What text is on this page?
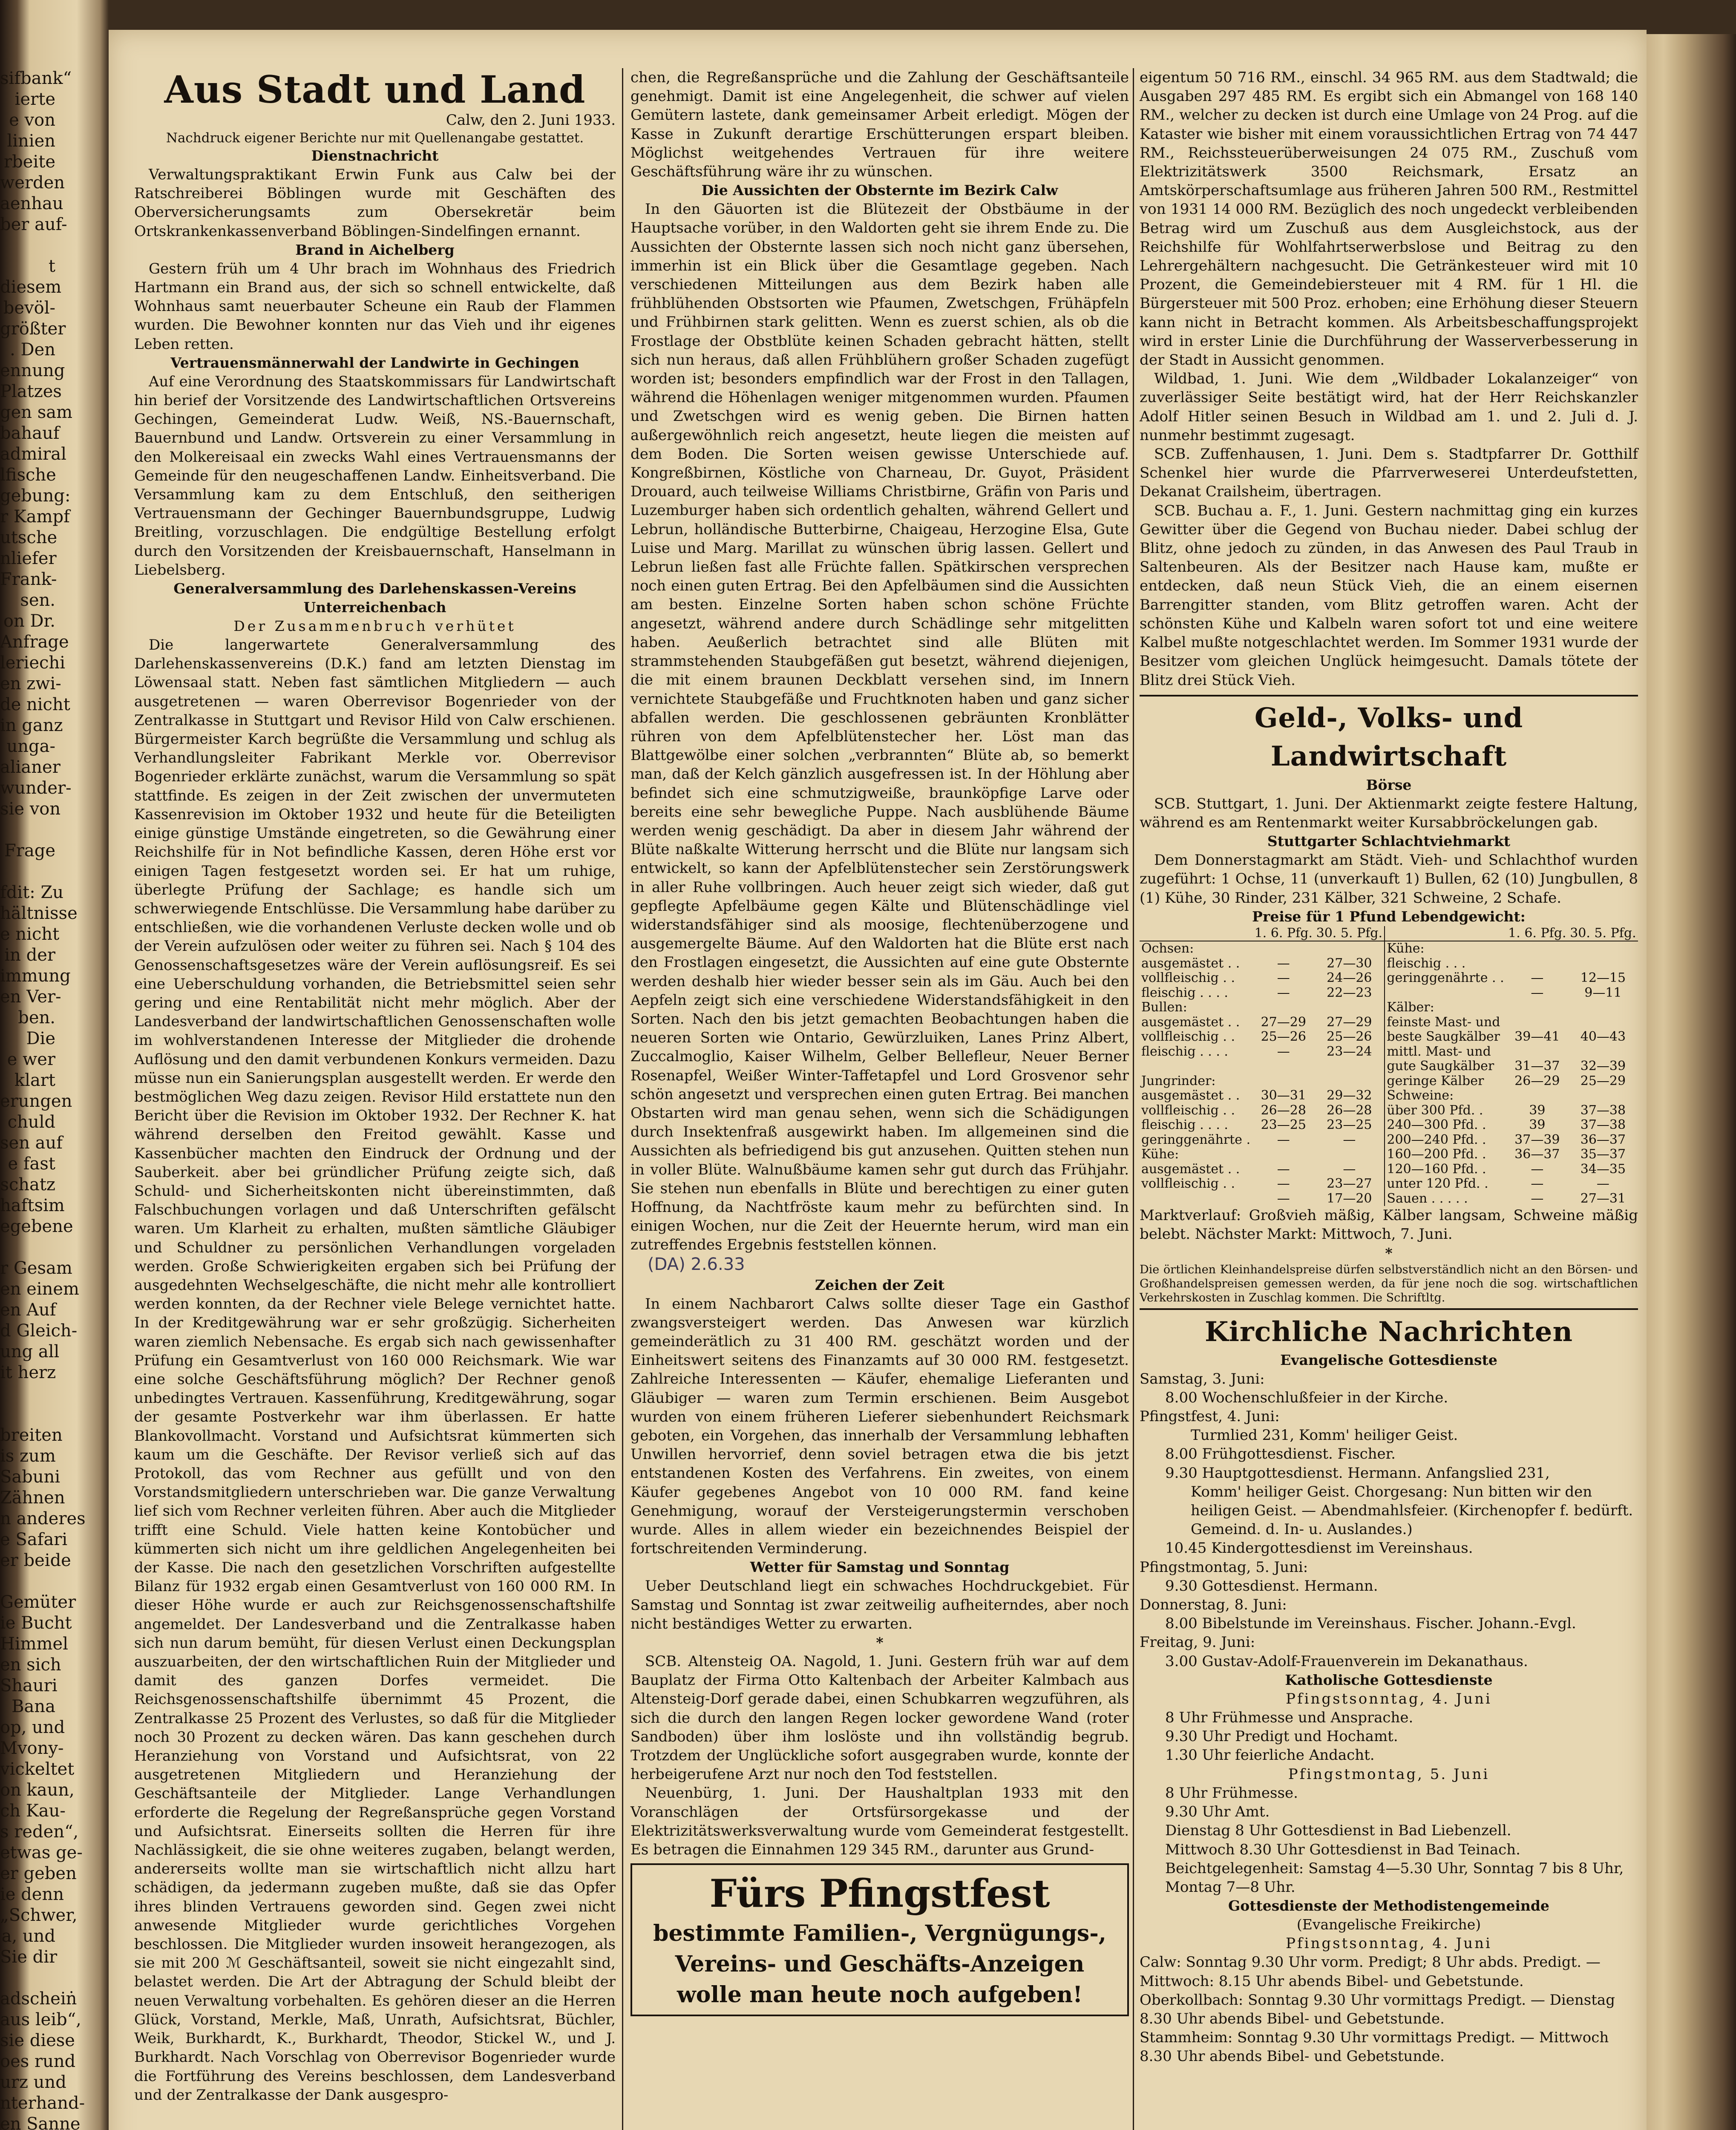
sifbank“

ierte

e von

linien

rbeite

werden

aenhau

ber auf-

t

diesem

bevöl-

größter

. Den

ennung

Platzes

gen sam

bahauf

admiral

lfische

gebung:

r Kampf

utsche

nliefer

Frank-

sen.

on Dr.

Anfrage

leriechi

en zwi-

de nicht

in ganz

unga-

alianer

wunder-

sie von

Frage

fdit: Zu

hältnisse

e nicht

in der

immung

en Ver-

ben.

Die

e wer

klart

erungen

chuld

sen auf

e fast

schatz

haftsim

egebene

r Gesam

en einem

en Auf

d Gleich-

ung all

it herz

breiten

is zum

Sabuni

Zähnen

n anderes

e Safari

er beide

Gemüter

ie Bucht

Himmel

en sich

Shauri

Bana

op, und

Mvony-

vickeltet

on kaun,

ch Kau-

s reden“,

etwas ge-

er geben

ie denn

„Schwer,

a, und

Sie dir

adscheiṅ

aus leib“,

sie diese

oes rund

urz und

nterhand-

en Sanne

Aus Stadt und Land

Calw, den 2. Juni 1933.

Nachdruck eigener Berichte nur mit Quellenangabe gestattet.

Dienstnachricht

Verwaltungspraktikant Erwin Funk aus Calw bei der Ratschreiberei Böblingen wurde mit Geschäften des Oberversicherungsamts zum Obersekretär beim Ortskrankenkassenverband Böblingen-Sindelfingen ernannt.

Brand in Aichelberg

Gestern früh um 4 Uhr brach im Wohnhaus des Friedrich Hartmann ein Brand aus, der sich so schnell entwickelte, daß Wohnhaus samt neuerbauter Scheune ein Raub der Flammen wurden. Die Bewohner konnten nur das Vieh und ihr eigenes Leben retten.

Vertrauensmännerwahl der Landwirte in Gechingen

Auf eine Verordnung des Staatskommissars für Landwirtschaft hin berief der Vorsitzende des Landwirtschaftlichen Ortsvereins Gechingen, Gemeinderat Ludw. Weiß, NS.-Bauernschaft, Bauernbund und Landw. Ortsverein zu einer Versammlung in den Molkereisaal ein zwecks Wahl eines Vertrauensmanns der Gemeinde für den neugeschaffenen Landw. Einheitsverband. Die Versammlung kam zu dem Entschluß, den seitherigen Vertrauensmann der Gechinger Bauernbundsgruppe, Ludwig Breitling, vorzuschlagen. Die endgültige Bestellung erfolgt durch den Vorsitzenden der Kreisbauernschaft, Hanselmann in Liebelsberg.

Generalversammlung des Darlehenskassen-Vereins Unterreichenbach

Der Zusammenbruch verhütet

Die langerwartete Generalversammlung des Darlehenskassenvereins (D.K.) fand am letzten Dienstag im Löwensaal statt. Neben fast sämtlichen Mitgliedern — auch ausgetretenen — waren Oberrevisor Bogenrieder von der Zentralkasse in Stuttgart und Revisor Hild von Calw erschienen. Bürgermeister Karch begrüßte die Versammlung und schlug als Verhandlungsleiter Fabrikant Merkle vor. Oberrevisor Bogenrieder erklärte zunächst, warum die Versammlung so spät stattfinde. Es zeigen in der Zeit zwischen der unvermuteten Kassenrevision im Oktober 1932 und heute für die Beteiligten einige günstige Umstände eingetreten, so die Gewährung einer Reichshilfe für in Not befindliche Kassen, deren Höhe erst vor einigen Tagen festgesetzt worden sei. Er hat um ruhige, überlegte Prüfung der Sachlage; es handle sich um schwerwiegende Entschlüsse. Die Versammlung habe darüber zu entschließen, wie die vorhandenen Verluste decken wolle und ob der Verein aufzulösen oder weiter zu führen sei. Nach § 104 des Genossenschaftsgesetzes wäre der Verein auflösungsreif. Es sei eine Ueberschuldung vorhanden, die Betriebsmittel seien sehr gering und eine Rentabilität nicht mehr möglich. Aber der Landesverband der landwirtschaftlichen Genossenschaften wolle im wohlverstandenen Interesse der Mitglieder die drohende Auflösung und den damit verbundenen Konkurs vermeiden. Dazu müsse nun ein Sanierungsplan ausgestellt werden. Er werde den bestmöglichen Weg dazu zeigen. Revisor Hild erstattete nun den Bericht über die Revision im Oktober 1932. Der Rechner K. hat während derselben den Freitod gewählt. Kasse und Kassenbücher machten den Eindruck der Ordnung und der Sauberkeit. aber bei gründlicher Prüfung zeigte sich, daß Schuld- und Sicherheitskonten nicht übereinstimmten, daß Falschbuchungen vorlagen und daß Unterschriften gefälscht waren. Um Klarheit zu erhalten, mußten sämtliche Gläubiger und Schuldner zu persönlichen Verhandlungen vorgeladen werden. Große Schwierigkeiten ergaben sich bei Prüfung der ausgedehnten Wechselgeschäfte, die nicht mehr alle kontrolliert werden konnten, da der Rechner viele Belege vernichtet hatte. In der Kreditgewährung war er sehr großzügig. Sicherheiten waren ziemlich Nebensache. Es ergab sich nach gewissenhafter Prüfung ein Gesamtverlust von 160 000 Reichsmark. Wie war eine solche Geschäftsführung möglich? Der Rechner genoß unbedingtes Vertrauen. Kassenführung, Kreditgewährung, sogar der gesamte Postverkehr war ihm überlassen. Er hatte Blankovollmacht. Vorstand und Aufsichtsrat kümmerten sich kaum um die Geschäfte. Der Revisor verließ sich auf das Protokoll, das vom Rechner aus gefüllt und von den Vorstandsmitgliedern unterschrieben war. Die ganze Verwaltung lief sich vom Rechner verleiten führen. Aber auch die Mitglieder trifft eine Schuld. Viele hatten keine Kontobücher und kümmerten sich nicht um ihre geldlichen Angelegenheiten bei der Kasse. Die nach den gesetzlichen Vorschriften aufgestellte Bilanz für 1932 ergab einen Gesamtverlust von 160 000 RM. In dieser Höhe wurde er auch zur Reichsgenossenschaftshilfe angemeldet. Der Landesverband und die Zentralkasse haben sich nun darum bemüht, für diesen Verlust einen Deckungsplan auszuarbeiten, der den wirtschaftlichen Ruin der Mitglieder und damit des ganzen Dorfes vermeidet. Die Reichsgenossenschaftshilfe übernimmt 45 Prozent, die Zentralkasse 25 Prozent des Verlustes, so daß für die Mitglieder noch 30 Prozent zu decken wären. Das kann geschehen durch Heranziehung von Vorstand und Aufsichtsrat, von 22 ausgetretenen Mitgliedern und Heranziehung der Geschäftsanteile der Mitglieder. Lange Verhandlungen erforderte die Regelung der Regreßansprüche gegen Vorstand und Aufsichtsrat. Einerseits sollten die Herren für ihre Nachlässigkeit, die sie ohne weiteres zugaben, belangt werden, andererseits wollte man sie wirtschaftlich nicht allzu hart schädigen, da jedermann zugeben mußte, daß sie das Opfer ihres blinden Vertrauens geworden sind. Gegen zwei nicht anwesende Mitglieder wurde gerichtliches Vorgehen beschlossen. Die Mitglieder wurden insoweit herangezogen, als sie mit 200 ℳ Geschäftsanteil, soweit sie nicht eingezahlt sind, belastet werden. Die Art der Abtragung der Schuld bleibt der neuen Verwaltung vorbehalten. Es gehören dieser an die Herren Glück, Vorstand, Merkle, Maß, Unrath, Aufsichtsrat, Büchler, Weik, Burkhardt, K., Burkhardt, Theodor, Stickel W., und J. Burkhardt. Nach Vorschlag von Oberrevisor Bogenrieder wurde die Fortführung des Vereins beschlossen, dem Landesverband und der Zentralkasse der Dank ausgespro-

chen, die Regreßansprüche und die Zahlung der Geschäftsanteile genehmigt. Damit ist eine Angelegenheit, die schwer auf vielen Gemütern lastete, dank gemeinsamer Arbeit erledigt. Mögen der Kasse in Zukunft derartige Erschütterungen erspart bleiben. Möglichst weitgehendes Vertrauen für ihre weitere Geschäftsführung wäre ihr zu wünschen.

Die Aussichten der Obsternte im Bezirk Calw

In den Gäuorten ist die Blütezeit der Obstbäume in der Hauptsache vorüber, in den Waldorten geht sie ihrem Ende zu. Die Aussichten der Obsternte lassen sich noch nicht ganz übersehen, immerhin ist ein Blick über die Gesamtlage gegeben. Nach verschiedenen Mitteilungen aus dem Bezirk haben alle frühblühenden Obstsorten wie Pfaumen, Zwetschgen, Frühäpfeln und Frühbirnen stark gelitten. Wenn es zuerst schien, als ob die Frostlage der Obstblüte keinen Schaden gebracht hätten, stellt sich nun heraus, daß allen Frühblühern großer Schaden zugefügt worden ist; besonders empfindlich war der Frost in den Tallagen, während die Höhenlagen weniger mitgenommen wurden. Pfaumen und Zwetschgen wird es wenig geben. Die Birnen hatten außergewöhnlich reich angesetzt, heute liegen die meisten auf dem Boden. Die Sorten weisen gewisse Unterschiede auf. Kongreßbirnen, Köstliche von Charneau, Dr. Guyot, Präsident Drouard, auch teilweise Williams Christbirne, Gräfin von Paris und Luzemburger haben sich ordentlich gehalten, während Gellert und Lebrun, holländische Butterbirne, Chaigeau, Herzogine Elsa, Gute Luise und Marg. Marillat zu wünschen übrig lassen. Gellert und Lebrun ließen fast alle Früchte fallen. Spätkirschen versprechen noch einen guten Ertrag. Bei den Apfelbäumen sind die Aussichten am besten. Einzelne Sorten haben schon schöne Früchte angesetzt, während andere durch Schädlinge sehr mitgelitten haben. Aeußerlich betrachtet sind alle Blüten mit strammstehenden Staubgefäßen gut besetzt, während diejenigen, die mit einem braunen Deckblatt versehen sind, im Innern vernichtete Staubgefäße und Fruchtknoten haben und ganz sicher abfallen werden. Die geschlossenen gebräunten Kronblätter rühren von dem Apfelblütenstecher her. Löst man das Blattgewölbe einer solchen „verbrannten“ Blüte ab, so bemerkt man, daß der Kelch gänzlich ausgefressen ist. In der Höhlung aber befindet sich eine schmutzigweiße, braunköpfige Larve oder bereits eine sehr bewegliche Puppe. Nach ausblühende Bäume werden wenig geschädigt. Da aber in diesem Jahr während der Blüte naßkalte Witterung herrscht und die Blüte nur langsam sich entwickelt, so kann der Apfelblütenstecher sein Zerstörungswerk in aller Ruhe vollbringen. Auch heuer zeigt sich wieder, daß gut gepflegte Apfelbäume gegen Kälte und Blütenschädlinge viel widerstandsfähiger sind als moosige, flechtenüberzogene und ausgemergelte Bäume. Auf den Waldorten hat die Blüte erst nach den Frostlagen eingesetzt, die Aussichten auf eine gute Obsternte werden deshalb hier wieder besser sein als im Gäu. Auch bei den Aepfeln zeigt sich eine verschiedene Widerstandsfähigkeit in den Sorten. Nach den bis jetzt gemachten Beobachtungen haben die neueren Sorten wie Ontario, Gewürzluiken, Lanes Prinz Albert, Zuccalmoglio, Kaiser Wilhelm, Gelber Bellefleur, Neuer Berner Rosenapfel, Weißer Winter-Taffetapfel und Lord Grosvenor sehr schön angesetzt und versprechen einen guten Ertrag. Bei manchen Obstarten wird man genau sehen, wenn sich die Schädigungen durch Insektenfraß ausgewirkt haben. Im allgemeinen sind die Aussichten als befriedigend bis gut anzusehen. Quitten stehen nun in voller Blüte. Walnußbäume kamen sehr gut durch das Frühjahr. Sie stehen nun ebenfalls in Blüte und berechtigen zu einer guten Hoffnung, da Nachtfröste kaum mehr zu befürchten sind. In einigen Wochen, nur die Zeit der Heuernte herum, wird man ein zutreffendes Ergebnis feststellen können.

(DA) 2.6.33

Zeichen der Zeit

In einem Nachbarort Calws sollte dieser Tage ein Gasthof zwangsversteigert werden. Das Anwesen war kürzlich gemeinderätlich zu 31 400 RM. geschätzt worden und der Einheitswert seitens des Finanzamts auf 30 000 RM. festgesetzt. Zahlreiche Interessenten — Käufer, ehemalige Lieferanten und Gläubiger — waren zum Termin erschienen. Beim Ausgebot wurden von einem früheren Lieferer siebenhundert Reichsmark geboten, ein Vorgehen, das innerhalb der Versammlung lebhaften Unwillen hervorrief, denn soviel betragen etwa die bis jetzt entstandenen Kosten des Verfahrens. Ein zweites, von einem Käufer gegebenes Angebot von 10 000 RM. fand keine Genehmigung, worauf der Versteigerungstermin verschoben wurde. Alles in allem wieder ein bezeichnendes Beispiel der fortschreitenden Verminderung.

Wetter für Samstag und Sonntag

Ueber Deutschland liegt ein schwaches Hochdruckgebiet. Für Samstag und Sonntag ist zwar zeitweilig aufheiterndes, aber noch nicht beständiges Wetter zu erwarten.

*

SCB. Altensteig OA. Nagold, 1. Juni. Gestern früh war auf dem Bauplatz der Firma Otto Kaltenbach der Arbeiter Kalmbach aus Altensteig-Dorf gerade dabei, einen Schubkarren wegzuführen, als sich die durch den langen Regen locker gewordene Wand (roter Sandboden) über ihm loslöste und ihn vollständig begrub. Trotzdem der Unglückliche sofort ausgegraben wurde, konnte der herbeigerufene Arzt nur noch den Tod feststellen.

Neuenbürg, 1. Juni. Der Haushaltplan 1933 mit den Voranschlägen der Ortsfürsorgekasse und der Elektrizitätswerksverwaltung wurde vom Gemeinderat festgestellt. Es betragen die Einnahmen 129 345 RM., darunter aus Grund-

Fürs Pfingstfest

bestimmte Familien-, Vergnügungs-,

Vereins- und Geschäfts-Anzeigen

wolle man heute noch aufgeben!

eigentum 50 716 RM., einschl. 34 965 RM. aus dem Stadtwald; die Ausgaben 297 485 RM. Es ergibt sich ein Abmangel von 168 140 RM., welcher zu decken ist durch eine Umlage von 24 Prog. auf die Kataster wie bisher mit einem voraussichtlichen Ertrag von 74 447 RM., Reichssteuerüberweisungen 24 075 RM., Zuschuß vom Elektrizitätswerk 3500 Reichsmark, Ersatz an Amtskörperschaftsumlage aus früheren Jahren 500 RM., Restmittel von 1931 14 000 RM. Bezüglich des noch ungedeckt verbleibenden Betrag wird um Zuschuß aus dem Ausgleichstock, aus der Reichshilfe für Wohlfahrtserwerbslose und Beitrag zu den Lehrergehältern nachgesucht. Die Getränkesteuer wird mit 10 Prozent, die Gemeindebiersteuer mit 4 RM. für 1 Hl. die Bürgersteuer mit 500 Proz. erhoben; eine Erhöhung dieser Steuern kann nicht in Betracht kommen. Als Arbeitsbeschaffungsprojekt wird in erster Linie die Durchführung der Wasserverbesserung in der Stadt in Aussicht genommen.

Wildbad, 1. Juni. Wie dem „Wildbader Lokalanzeiger“ von zuverlässiger Seite bestätigt wird, hat der Herr Reichskanzler Adolf Hitler seinen Besuch in Wildbad am 1. und 2. Juli d. J. nunmehr bestimmt zugesagt.

SCB. Zuffenhausen, 1. Juni. Dem s. Stadtpfarrer Dr. Gotthilf Schenkel hier wurde die Pfarrverweserei Unterdeufstetten, Dekanat Crailsheim, übertragen.

SCB. Buchau a. F., 1. Juni. Gestern nachmittag ging ein kurzes Gewitter über die Gegend von Buchau nieder. Dabei schlug der Blitz, ohne jedoch zu zünden, in das Anwesen des Paul Traub in Saltenbeuren. Als der Besitzer nach Hause kam, mußte er entdecken, daß neun Stück Vieh, die an einem eisernen Barrengitter standen, vom Blitz getroffen waren. Acht der schönsten Kühe und Kalbeln waren sofort tot und eine weitere Kalbel mußte notgeschlachtet werden. Im Sommer 1931 wurde der Besitzer vom gleichen Unglück heimgesucht. Damals tötete der Blitz drei Stück Vieh.

Geld-, Volks- und Landwirtschaft

Börse

SCB. Stuttgart, 1. Juni. Der Aktienmarkt zeigte festere Haltung, während es am Rentenmarkt weiter Kursabbröckelungen gab.

Stuttgarter Schlachtviehmarkt

Dem Donnerstagmarkt am Städt. Vieh- und Schlachthof wurden zugeführt: 1 Ochse, 11 (unverkauft 1) Bullen, 62 (10) Jungbullen, 8 (1) Kühe, 30 Rinder, 231 Kälber, 321 Schweine, 2 Schafe.

Preise für 1 Pfund Lebendgewicht:

	1. 6. Pfg.	30. 5. Pfg.		1. 6. Pfg.	30. 5. Pfg.
Ochsen:			Kühe:		
ausgemästet . .	—	27—30	fleischig . . .		
vollfleischig . .	—	24—26	geringgenährte . .	—	12—15
fleischig . . . .	—	22—23		—	9—11
Bullen:			Kälber:		
ausgemästet . .	27—29	27—29	feinste Mast- und		
vollfleischig . .	25—26	25—26	beste Saugkälber	39—41	40—43
fleischig . . . .	—	23—24	mittl. Mast- und		
			gute Saugkälber	31—37	32—39
Jungrinder:			geringe Kälber	26—29	25—29
ausgemästet . .	30—31	29—32	Schweine:		
vollfleischig . .	26—28	26—28	über 300 Pfd. .	39	37—38
fleischig . . . .	23—25	23—25	240—300 Pfd. .	39	37—38
geringgenährte .	—	—	200—240 Pfd. .	37—39	36—37
Kühe:			160—200 Pfd. .	36—37	35—37
ausgemästet . .	—	—	120—160 Pfd. .	—	34—35
vollfleischig . .	—	23—27	unter 120 Pfd. .	—	—
	—	17—20	Sauen . . . . .	—	27—31

Marktverlauf: Großvieh mäßig, Kälber langsam, Schweine mäßig belebt. Nächster Markt: Mittwoch, 7. Juni.

*

Die örtlichen Kleinhandelspreise dürfen selbstverständlich nicht an den Börsen- und Großhandelspreisen gemessen werden, da für jene noch die sog. wirtschaftlichen Verkehrskosten in Zuschlag kommen. Die Schriftltg.

Kirchliche Nachrichten

Evangelische Gottesdienste

Samstag, 3. Juni:

8.00 Wochenschlußfeier in der Kirche.

Pfingstfest, 4. Juni:

Turmlied 231, Komm' heiliger Geist.

8.00 Frühgottesdienst. Fischer.

9.30 Hauptgottesdienst. Hermann. Anfangslied 231,

Komm' heiliger Geist. Chorgesang: Nun bitten wir den heiligen Geist. — Abendmahlsfeier. (Kirchenopfer f. bedürft. Gemeind. d. In- u. Auslandes.)

10.45 Kindergottesdienst im Vereinshaus.

Pfingstmontag, 5. Juni:

9.30 Gottesdienst. Hermann.

Donnerstag, 8. Juni:

8.00 Bibelstunde im Vereinshaus. Fischer. Johann.-Evgl.

Freitag, 9. Juni:

3.00 Gustav-Adolf-Frauenverein im Dekanathaus.

Katholische Gottesdienste

Pfingstsonntag, 4. Juni

8 Uhr Frühmesse und Ansprache.

9.30 Uhr Predigt und Hochamt.

1.30 Uhr feierliche Andacht.

Pfingstmontag, 5. Juni

8 Uhr Frühmesse.

9.30 Uhr Amt.

Dienstag 8 Uhr Gottesdienst in Bad Liebenzell.

Mittwoch 8.30 Uhr Gottesdienst in Bad Teinach.

Beichtgelegenheit: Samstag 4—5.30 Uhr, Sonntag 7 bis 8 Uhr, Montag 7—8 Uhr.

Gottesdienste der Methodistengemeinde

(Evangelische Freikirche)

Pfingstsonntag, 4. Juni

Calw: Sonntag 9.30 Uhr vorm. Predigt; 8 Uhr abds. Predigt. — Mittwoch: 8.15 Uhr abends Bibel- und Gebetstunde.

Oberkollbach: Sonntag 9.30 Uhr vormittags Predigt. — Dienstag 8.30 Uhr abends Bibel- und Gebetstunde.

Stammheim: Sonntag 9.30 Uhr vormittags Predigt. — Mittwoch 8.30 Uhr abends Bibel- und Gebetstunde.
